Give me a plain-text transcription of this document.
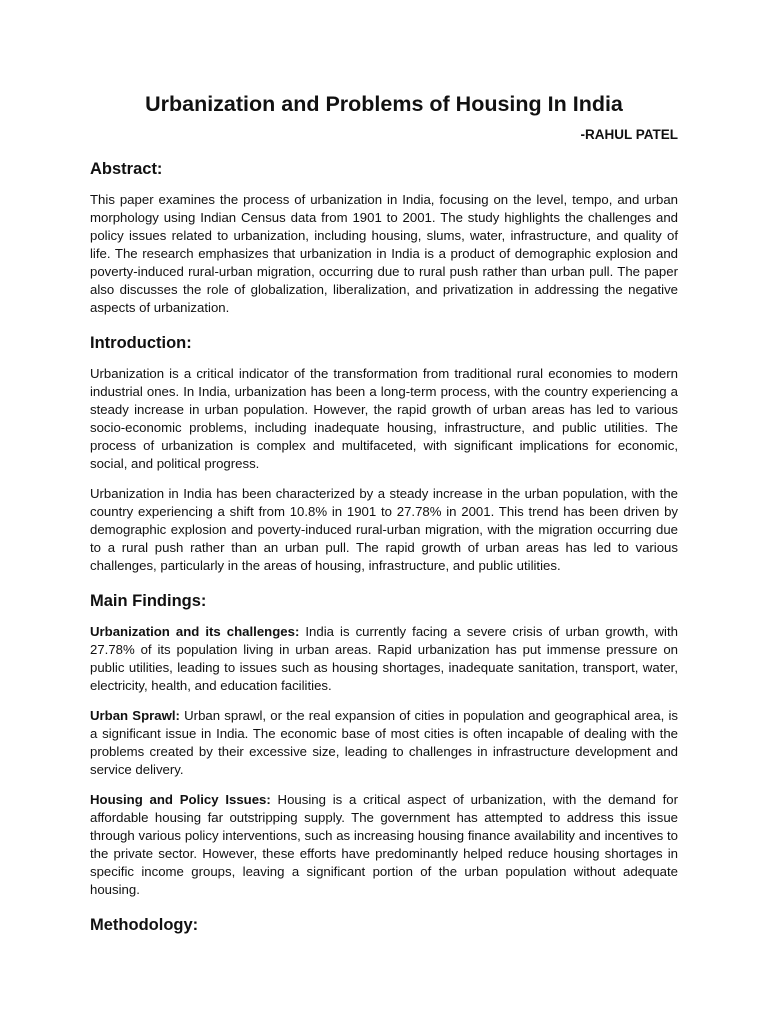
Urbanization and Problems of Housing In India
-RAHUL PATEL
Abstract:

This paper examines the process of urbanization in India, focusing on the level, tempo, and urban morphology using Indian Census data from 1901 to 2001. The study highlights the challenges and policy issues related to urbanization, including housing, slums, water, infrastructure, and quality of life. The research emphasizes that urbanization in India is a product of demographic explosion and poverty-induced rural-urban migration, occurring due to rural push rather than urban pull. The paper also discusses the role of globalization, liberalization, and privatization in addressing the negative aspects of urbanization.

Introduction:

Urbanization is a critical indicator of the transformation from traditional rural economies to modern industrial ones. In India, urbanization has been a long-term process, with the country experiencing a steady increase in urban population. However, the rapid growth of urban areas has led to various socio-economic problems, including inadequate housing, infrastructure, and public utilities. The process of urbanization is complex and multifaceted, with significant implications for economic, social, and political progress.

Urbanization in India has been characterized by a steady increase in the urban population, with the country experiencing a shift from 10.8% in 1901 to 27.78% in 2001. This trend has been driven by demographic explosion and poverty-induced rural-urban migration, with the migration occurring due to a rural push rather than an urban pull. The rapid growth of urban areas has led to various challenges, particularly in the areas of housing, infrastructure, and public utilities.

Main Findings:

Urbanization and its challenges: India is currently facing a severe crisis of urban growth, with 27.78% of its population living in urban areas. Rapid urbanization has put immense pressure on public utilities, leading to issues such as housing shortages, inadequate sanitation, transport, water, electricity, health, and education facilities.

Urban Sprawl: Urban sprawl, or the real expansion of cities in population and geographical area, is a significant issue in India. The economic base of most cities is often incapable of dealing with the problems created by their excessive size, leading to challenges in infrastructure development and service delivery.

Housing and Policy Issues: Housing is a critical aspect of urbanization, with the demand for affordable housing far outstripping supply. The government has attempted to address this issue through various policy interventions, such as increasing housing finance availability and incentives to the private sector. However, these efforts have predominantly helped reduce housing shortages in specific income groups, leaving a significant portion of the urban population without adequate housing.

Methodology:
